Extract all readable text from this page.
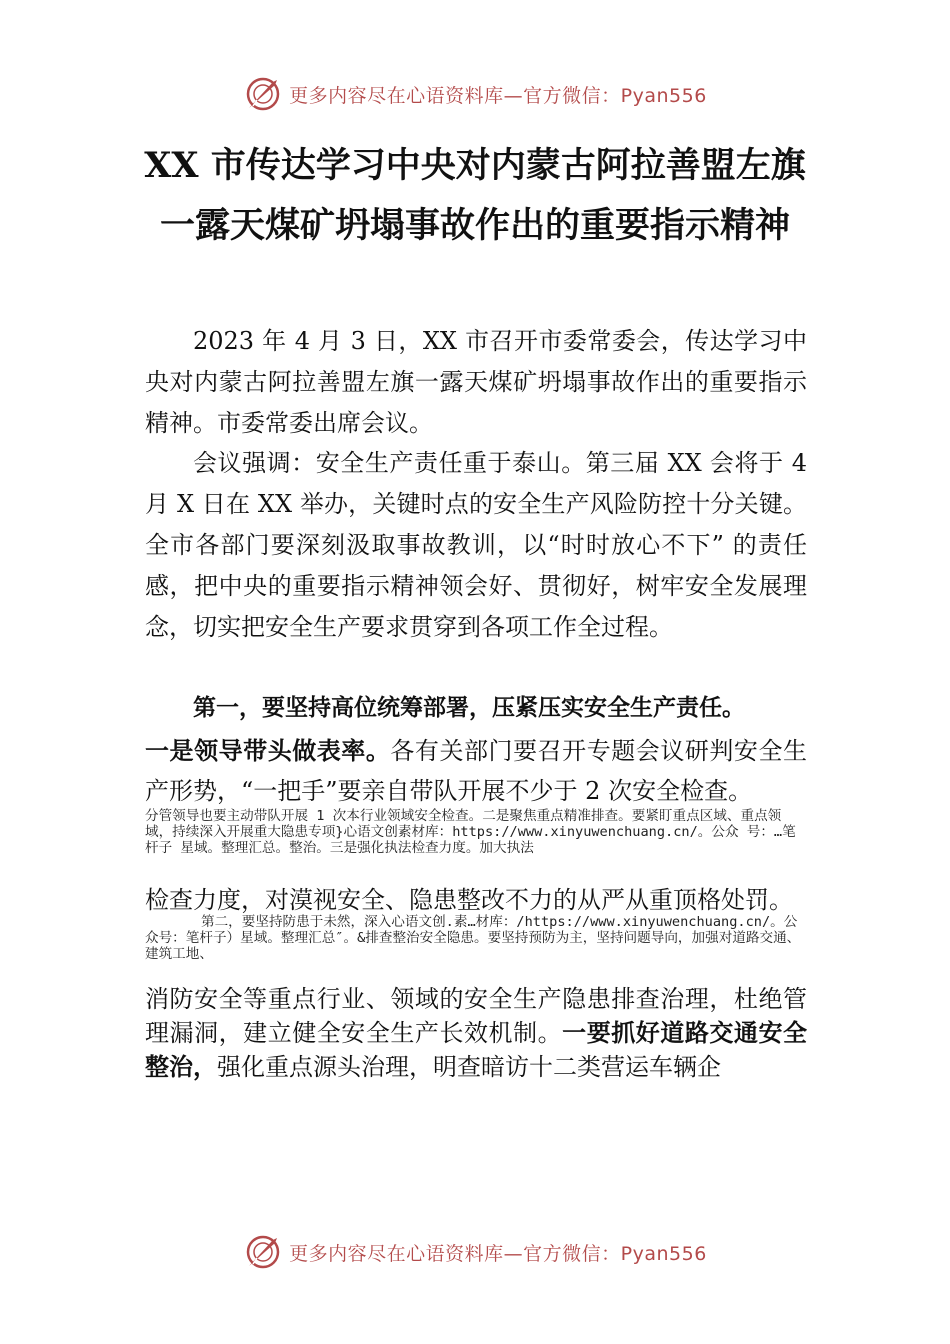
更多内容尽在心语资料库—官方微信：Pyan556
XX 市传达学习中央对内蒙古阿拉善盟左旗
一露天煤矿坍塌事故作出的重要指示精神

2023 年 4 月 3 日，XX 市召开市委常委会，传达学习中央对内蒙古阿拉善盟左旗一露天煤矿坍塌事故作出的重要指示精神。市委常委出席会议。

会议强调：安全生产责任重于泰山。第三届 XX 会将于 4 月 X 日在 XX 举办，关键时点的安全生产风险防控十分关键。全市各部门要深刻汲取事故教训，以“时时放心不下” 的责任感，把中央的重要指示精神领会好、贯彻好，树牢安全发展理念，切实把安全生产要求贯穿到各项工作全过程。

第一，要坚持高位统筹部署，压紧压实安全生产责任。

一是领导带头做表率。各有关部门要召开专题会议研判安全生产形势，“一把手”要亲自带队开展不少于 2 次安全检查。

分管领导也要主动带队开展 1 次本行业领域安全检查。二是聚焦重点精准排查。要紧盯重点区域、重点领域，持续深入开展重大隐患专项}心语文创素材库：https://www.xinyuwenchuang.cn/。公众 号：…笔杆子 星域。整理汇总。整治。三是强化执法检查力度。加大执法

检查力度，对漠视安全、隐患整改不力的从严从重顶格处罚。

第二，要坚持防患于未然，深入心语文创.素…材库：/https://www.xinyuwenchuang.cn/。公众号：笔杆子）星域。整理汇总″。&排查整治安全隐患。要坚持预防为主，坚持问题导向，加强对道路交通、建筑工地、

消防安全等重点行业、领域的安全生产隐患排查治理，杜绝管理漏洞，建立健全安全生产长效机制。一要抓好道路交通安全整治，强化重点源头治理，明查暗访十二类营运车辆企

更多内容尽在心语资料库—官方微信：Pyan556
